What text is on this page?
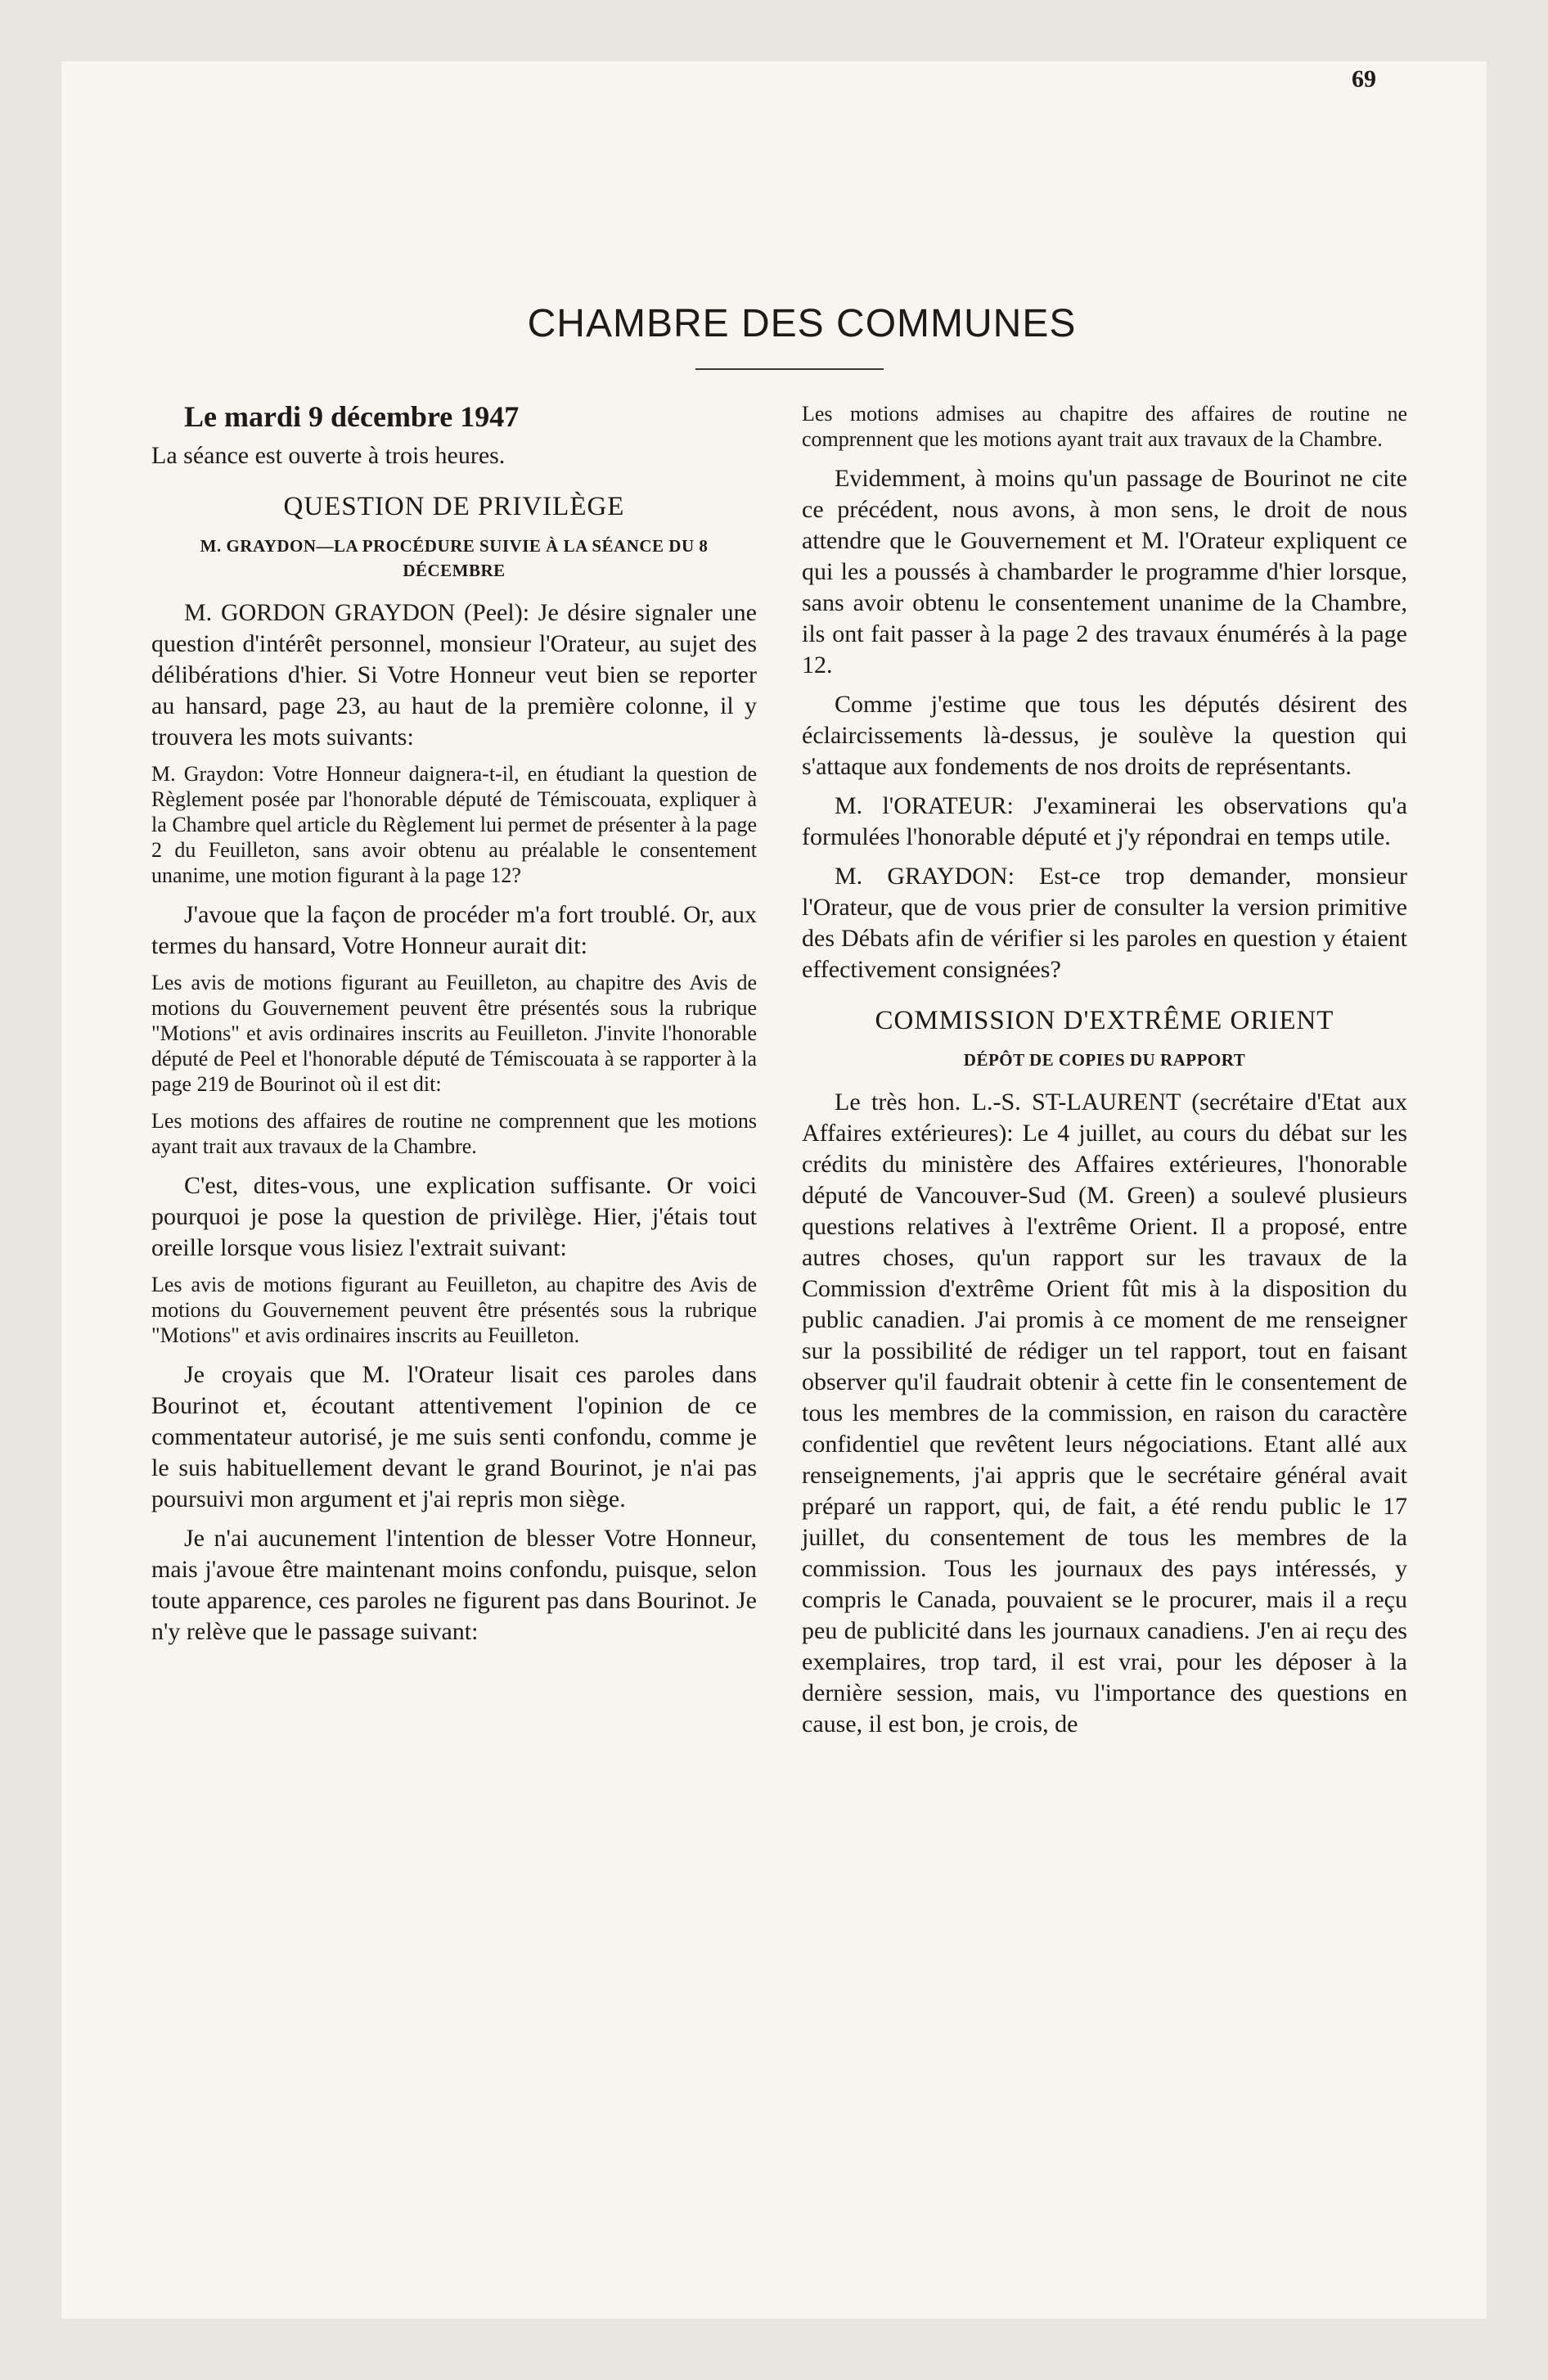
69

CHAMBRE DES COMMUNES

Le mardi 9 décembre 1947

La séance est ouverte à trois heures.

QUESTION DE PRIVILÈGE
M. GRAYDON—LA PROCÉDURE SUIVIE À LA SÉANCE DU 8 DÉCEMBRE

M. GORDON GRAYDON (Peel): Je désire signaler une question d'intérêt personnel, monsieur l'Orateur, au sujet des délibérations d'hier. Si Votre Honneur veut bien se reporter au hansard, page 23, au haut de la première colonne, il y trouvera les mots suivants:

M. Graydon: Votre Honneur daignera-t-il, en étudiant la question de Règlement posée par l'honorable député de Témiscouata, expliquer à la Chambre quel article du Règlement lui permet de présenter à la page 2 du Feuilleton, sans avoir obtenu au préalable le consentement unanime, une motion figurant à la page 12?

J'avoue que la façon de procéder m'a fort troublé. Or, aux termes du hansard, Votre Honneur aurait dit:

Les avis de motions figurant au Feuilleton, au chapitre des Avis de motions du Gouvernement peuvent être présentés sous la rubrique "Motions" et avis ordinaires inscrits au Feuilleton. J'invite l'honorable député de Peel et l'honorable député de Témiscouata à se rapporter à la page 219 de Bourinot où il est dit:

Les motions des affaires de routine ne comprennent que les motions ayant trait aux travaux de la Chambre.

C'est, dites-vous, une explication suffisante. Or voici pourquoi je pose la question de privilège. Hier, j'étais tout oreille lorsque vous lisiez l'extrait suivant:

Les avis de motions figurant au Feuilleton, au chapitre des Avis de motions du Gouvernement peuvent être présentés sous la rubrique "Motions" et avis ordinaires inscrits au Feuilleton.

Je croyais que M. l'Orateur lisait ces paroles dans Bourinot et, écoutant attentivement l'opinion de ce commentateur autorisé, je me suis senti confondu, comme je le suis habituellement devant le grand Bourinot, je n'ai pas poursuivi mon argument et j'ai repris mon siège.

Je n'ai aucunement l'intention de blesser Votre Honneur, mais j'avoue être maintenant moins confondu, puisque, selon toute apparence, ces paroles ne figurent pas dans Bourinot. Je n'y relève que le passage suivant:

Les motions admises au chapitre des affaires de routine ne comprennent que les motions ayant trait aux travaux de la Chambre.

Evidemment, à moins qu'un passage de Bourinot ne cite ce précédent, nous avons, à mon sens, le droit de nous attendre que le Gouvernement et M. l'Orateur expliquent ce qui les a poussés à chambarder le programme d'hier lorsque, sans avoir obtenu le consentement unanime de la Chambre, ils ont fait passer à la page 2 des travaux énumérés à la page 12.

Comme j'estime que tous les députés désirent des éclaircissements là-dessus, je soulève la question qui s'attaque aux fondements de nos droits de représentants.

M. l'ORATEUR: J'examinerai les observations qu'a formulées l'honorable député et j'y répondrai en temps utile.

M. GRAYDON: Est-ce trop demander, monsieur l'Orateur, que de vous prier de consulter la version primitive des Débats afin de vérifier si les paroles en question y étaient effectivement consignées?

COMMISSION D'EXTRÊME ORIENT
DÉPÔT DE COPIES DU RAPPORT

Le très hon. L.-S. ST-LAURENT (secrétaire d'Etat aux Affaires extérieures): Le 4 juillet, au cours du débat sur les crédits du ministère des Affaires extérieures, l'honorable député de Vancouver-Sud (M. Green) a soulevé plusieurs questions relatives à l'extrême Orient. Il a proposé, entre autres choses, qu'un rapport sur les travaux de la Commission d'extrême Orient fût mis à la disposition du public canadien. J'ai promis à ce moment de me renseigner sur la possibilité de rédiger un tel rapport, tout en faisant observer qu'il faudrait obtenir à cette fin le consentement de tous les membres de la commission, en raison du caractère confidentiel que revêtent leurs négociations. Etant allé aux renseignements, j'ai appris que le secrétaire général avait préparé un rapport, qui, de fait, a été rendu public le 17 juillet, du consentement de tous les membres de la commission. Tous les journaux des pays intéressés, y compris le Canada, pouvaient se le procurer, mais il a reçu peu de publicité dans les journaux canadiens. J'en ai reçu des exemplaires, trop tard, il est vrai, pour les déposer à la dernière session, mais, vu l'importance des questions en cause, il est bon, je crois, de
